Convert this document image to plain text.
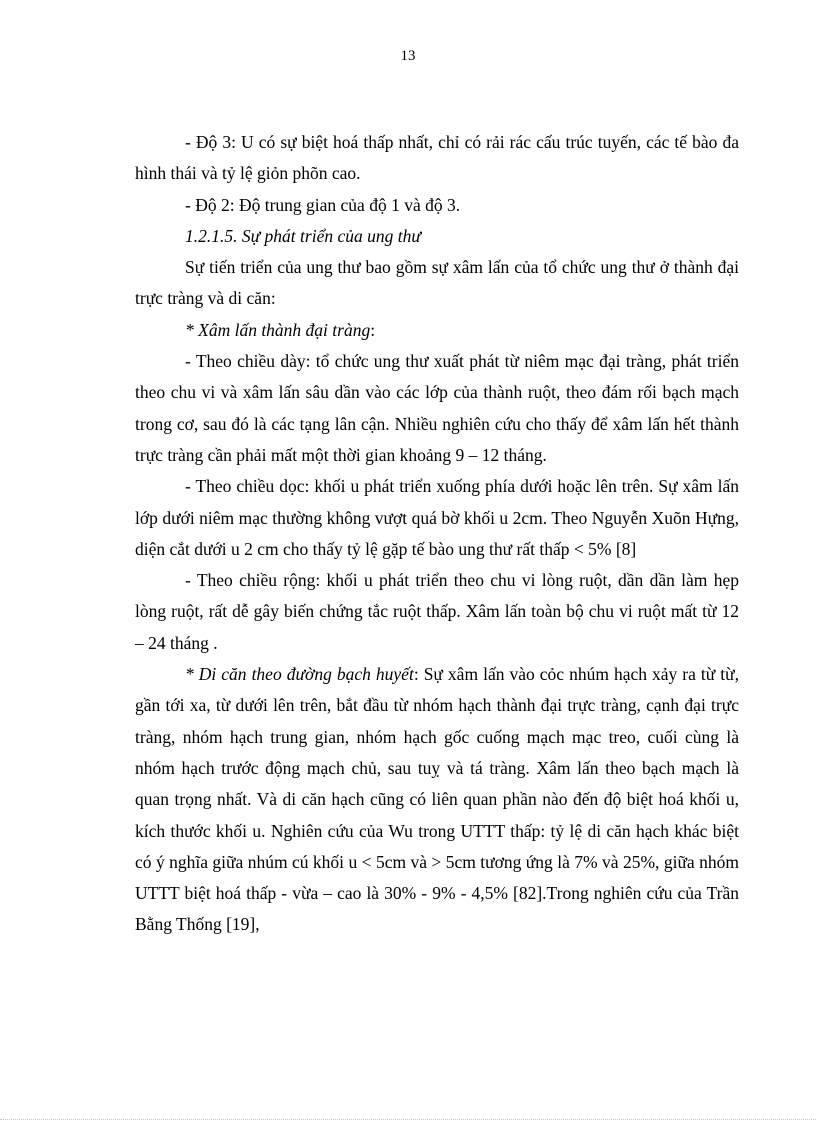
13

- Độ 3: U có sự biệt hoá thấp nhất, chỉ có rải rác cấu trúc tuyến, các tế bào đa hình thái và tỷ lệ giỏn phõn cao.

- Độ 2: Độ trung gian của độ 1 và độ 3.

1.2.1.5. Sự phát triển của ung thư

Sự tiến triển của ung thư bao gồm sự xâm lấn của tổ chức ung thư ở thành đại trực tràng và di căn:

* Xâm lấn thành đại tràng:

- Theo chiều dày: tổ chức ung thư xuất phát từ niêm mạc đại tràng, phát triển theo chu vi và xâm lấn sâu dần vào các lớp của thành ruột, theo đám rối bạch mạch trong cơ, sau đó là các tạng lân cận. Nhiều nghiên cứu cho thấy để xâm lấn hết thành trực tràng cần phải mất một thời gian khoảng 9 – 12 tháng.

- Theo chiều dọc: khối u phát triển xuống phía dưới hoặc lên trên. Sự xâm lấn lớp dưới niêm mạc thường không vượt quá bờ khối u 2cm. Theo Nguyễn Xuõn Hựng, diện cắt dưới u 2 cm cho thấy tỷ lệ gặp tế bào ung thư rất thấp < 5% [8]

- Theo chiều rộng: khối u phát triển theo chu vi lòng ruột, dần dần làm hẹp lòng ruột, rất dễ gây biến chứng tắc ruột thấp. Xâm lấn toàn bộ chu vi ruột mất từ 12 – 24 tháng .

* Di căn theo đường bạch huyết: Sự xâm lấn vào cỏc nhúm hạch xảy ra từ từ, gần tới xa, từ dưới lên trên, bắt đầu từ nhóm hạch thành đại trực tràng, cạnh đại trực tràng, nhóm hạch trung gian, nhóm hạch gốc cuống mạch mạc treo, cuối cùng là nhóm hạch trước động mạch chủ, sau tuỵ và tá tràng. Xâm lấn theo bạch mạch là quan trọng nhất. Và di căn hạch cũng có liên quan phần nào đến độ biệt hoá khối u, kích thước khối u. Nghiên cứu của Wu trong UTTT thấp: tỷ lệ di căn hạch khác biệt có ý nghĩa giữa nhúm cú khối u < 5cm và > 5cm tương ứng là 7% và 25%, giữa nhóm UTTT biệt hoá thấp - vừa – cao là 30% - 9% - 4,5% [82].Trong nghiên cứu của Trần Bằng Thống [19],
